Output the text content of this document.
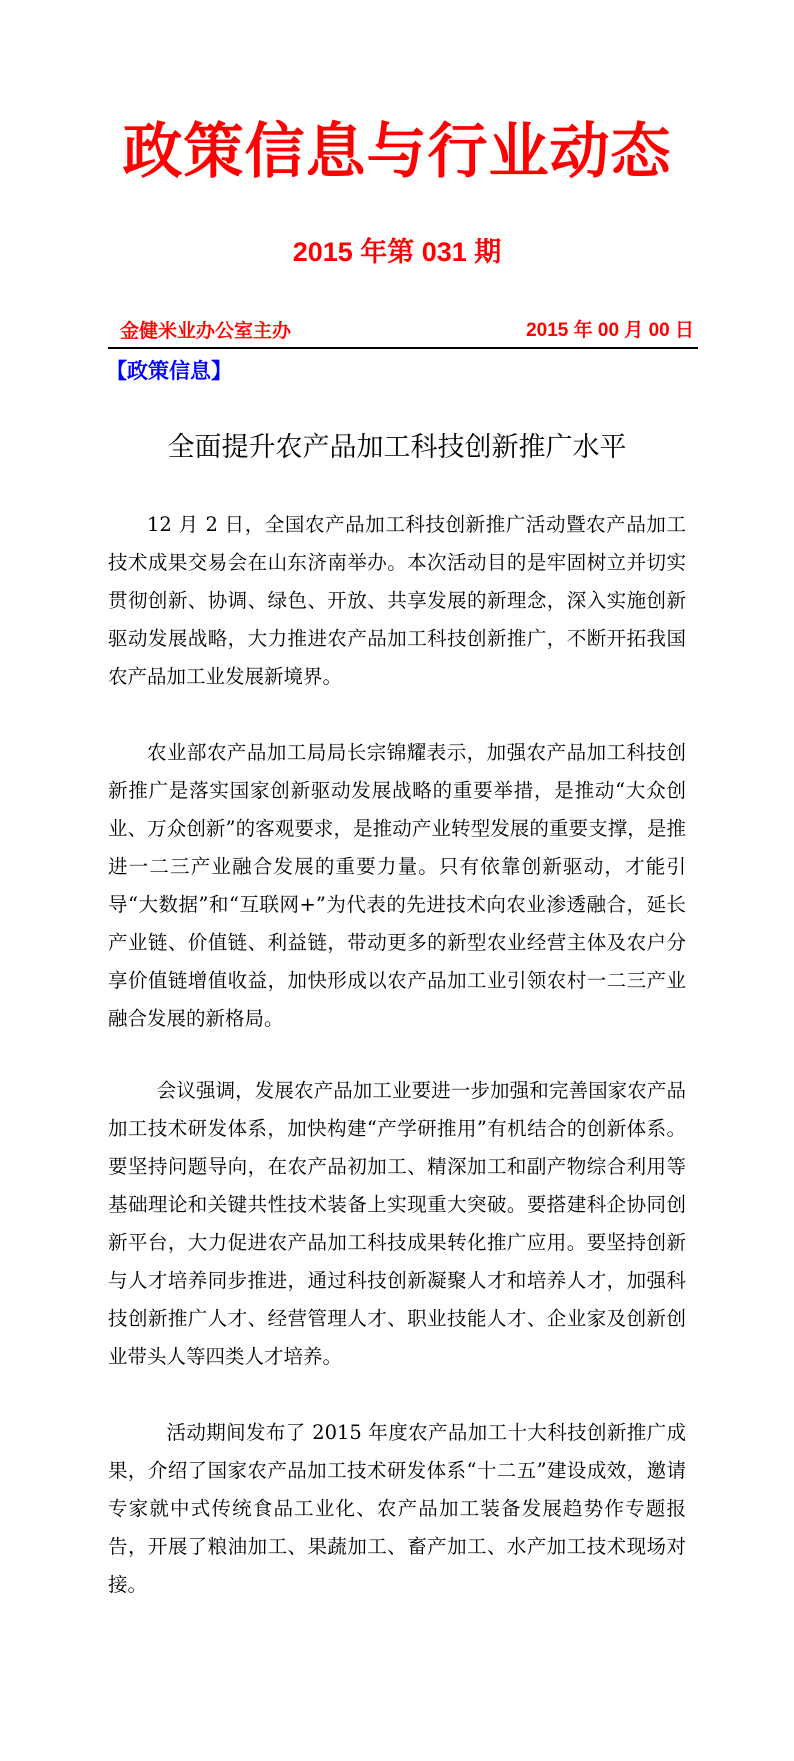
政策信息与行业动态
2015 年第 031 期
金健米业办公室主办	2015 年 00 月 00 日
【政策信息】
全面提升农产品加工科技创新推广水平

12 月 2 日，全国农产品加工科技创新推广活动暨农产品加工技术成果交易会在山东济南举办。本次活动目的是牢固树立并切实贯彻创新、协调、绿色、开放、共享发展的新理念，深入实施创新驱动发展战略，大力推进农产品加工科技创新推广，不断开拓我国农产品加工业发展新境界。

农业部农产品加工局局长宗锦耀表示，加强农产品加工科技创新推广是落实国家创新驱动发展战略的重要举措，是推动“大众创业、万众创新”的客观要求，是推动产业转型发展的重要支撑，是推进一二三产业融合发展的重要力量。只有依靠创新驱动，才能引导“大数据”和“互联网+”为代表的先进技术向农业渗透融合，延长产业链、价值链、利益链，带动更多的新型农业经营主体及农户分享价值链增值收益，加快形成以农产品加工业引领农村一二三产业融合发展的新格局。

会议强调，发展农产品加工业要进一步加强和完善国家农产品加工技术研发体系，加快构建“产学研推用”有机结合的创新体系。要坚持问题导向，在农产品初加工、精深加工和副产物综合利用等基础理论和关键共性技术装备上实现重大突破。要搭建科企协同创新平台，大力促进农产品加工科技成果转化推广应用。要坚持创新与人才培养同步推进，通过科技创新凝聚人才和培养人才，加强科技创新推广人才、经营管理人才、职业技能人才、企业家及创新创业带头人等四类人才培养。

活动期间发布了 2015 年度农产品加工十大科技创新推广成果，介绍了国家农产品加工技术研发体系“十二五”建设成效，邀请专家就中式传统食品工业化、农产品加工装备发展趋势作专题报告，开展了粮油加工、果蔬加工、畜产加工、水产加工技术现场对接。
